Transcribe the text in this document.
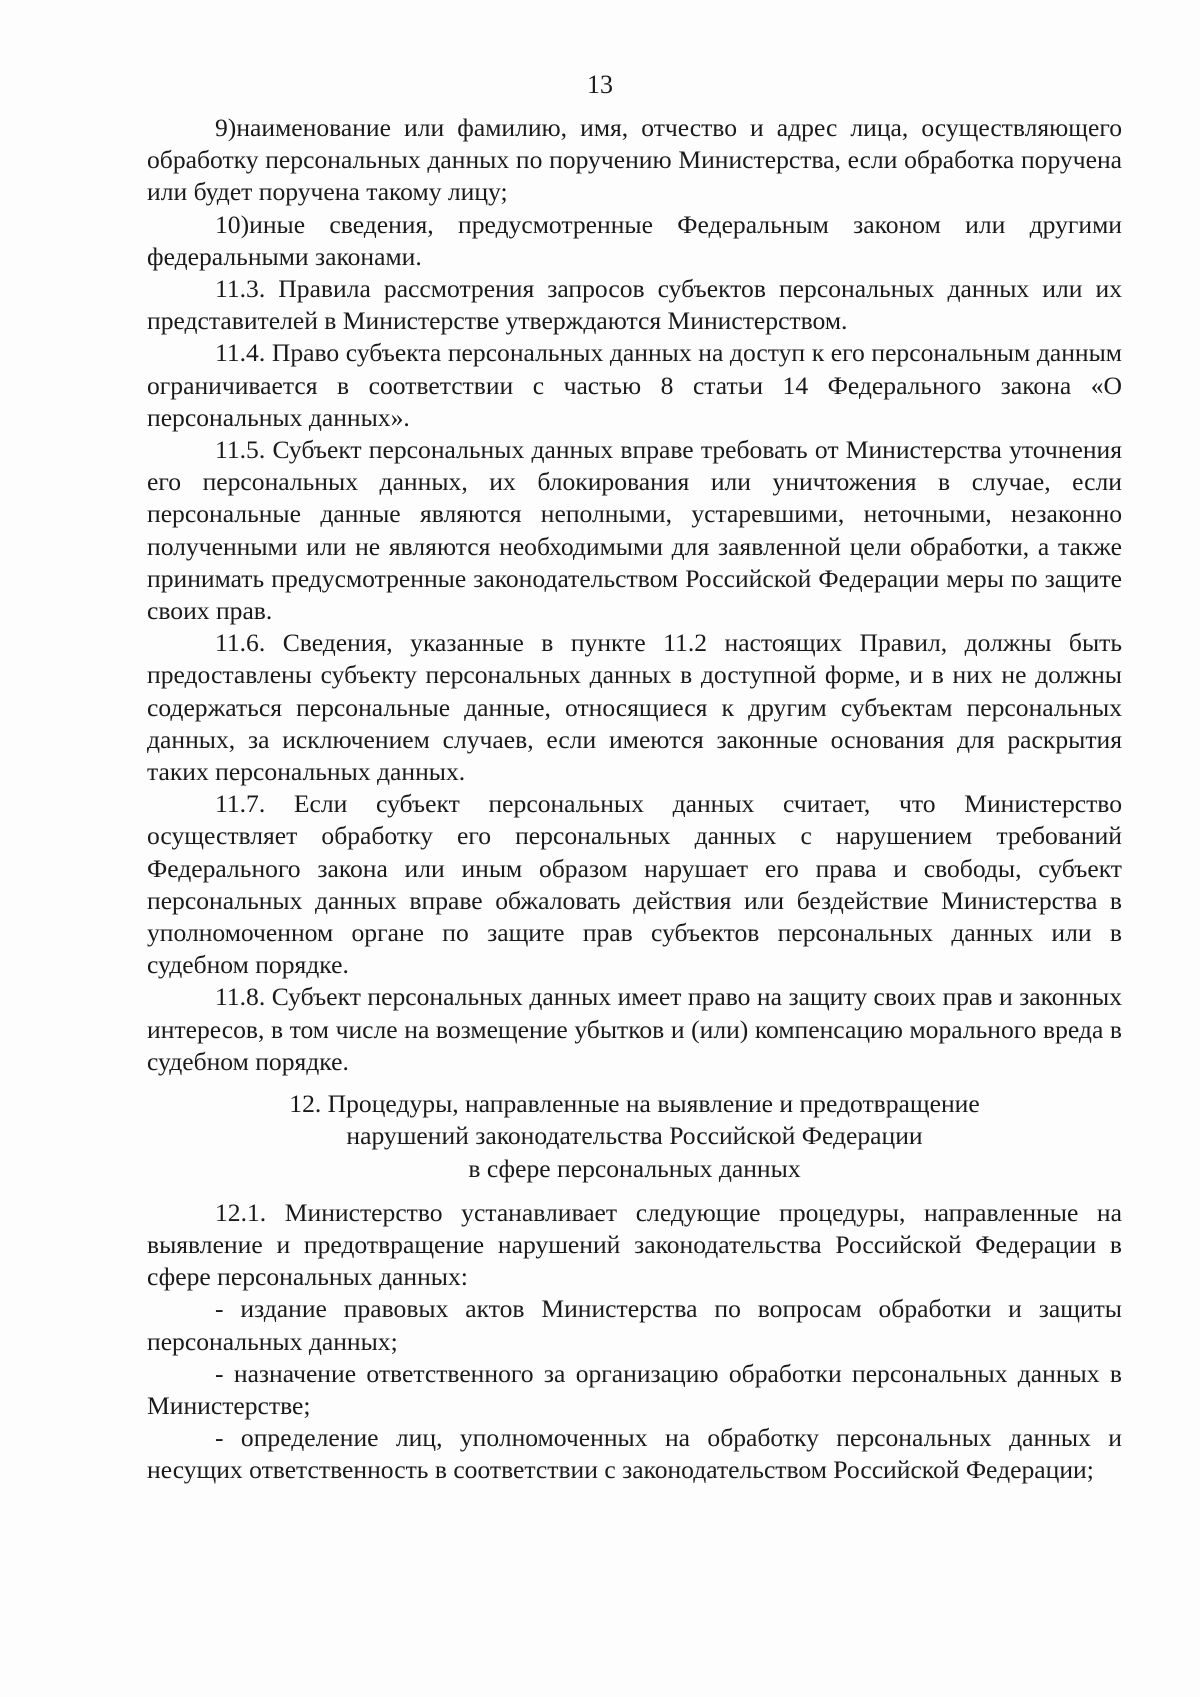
13

9)наименование или фамилию, имя, отчество и адрес лица, осуществляющего обработку персональных данных по поручению Министерства, если обработка поручена или будет поручена такому лицу;

10)иные сведения, предусмотренные Федеральным законом или другими федеральными законами.

11.3. Правила рассмотрения запросов субъектов персональных данных или их представителей в Министерстве утверждаются Министерством.

11.4. Право субъекта персональных данных на доступ к его персональным данным ограничивается в соответствии с частью 8 статьи 14 Федерального закона «О персональных данных».

11.5. Субъект персональных данных вправе требовать от Министерства уточнения его персональных данных, их блокирования или уничтожения в случае, если персональные данные являются неполными, устаревшими, неточными, незаконно полученными или не являются необходимыми для заявленной цели обработки, а также принимать предусмотренные законодательством Российской Федерации меры по защите своих прав.

11.6. Сведения, указанные в пункте 11.2 настоящих Правил, должны быть предоставлены субъекту персональных данных в доступной форме, и в них не должны содержаться персональные данные, относящиеся к другим субъектам персональных данных, за исключением случаев, если имеются законные основания для раскрытия таких персональных данных.

11.7. Если субъект персональных данных считает, что Министерство осуществляет обработку его персональных данных с нарушением требований Федерального закона или иным образом нарушает его права и свободы, субъект персональных данных вправе обжаловать действия или бездействие Министерства в уполномоченном органе по защите прав субъектов персональных данных или в судебном порядке.

11.8. Субъект персональных данных имеет право на защиту своих прав и законных интересов, в том числе на возмещение убытков и (или) компенсацию морального вреда в судебном порядке.

12. Процедуры, направленные на выявление и предотвращение
нарушений законодательства Российской Федерации
в сфере персональных данных

12.1. Министерство устанавливает следующие процедуры, направленные на выявление и предотвращение нарушений законодательства Российской Федерации в сфере персональных данных:

- издание правовых актов Министерства по вопросам обработки и защиты персональных данных;

- назначение ответственного за организацию обработки персональных данных в Министерстве;

- определение лиц, уполномоченных на обработку персональных данных и несущих ответственность в соответствии с законодательством Российской Федерации;
